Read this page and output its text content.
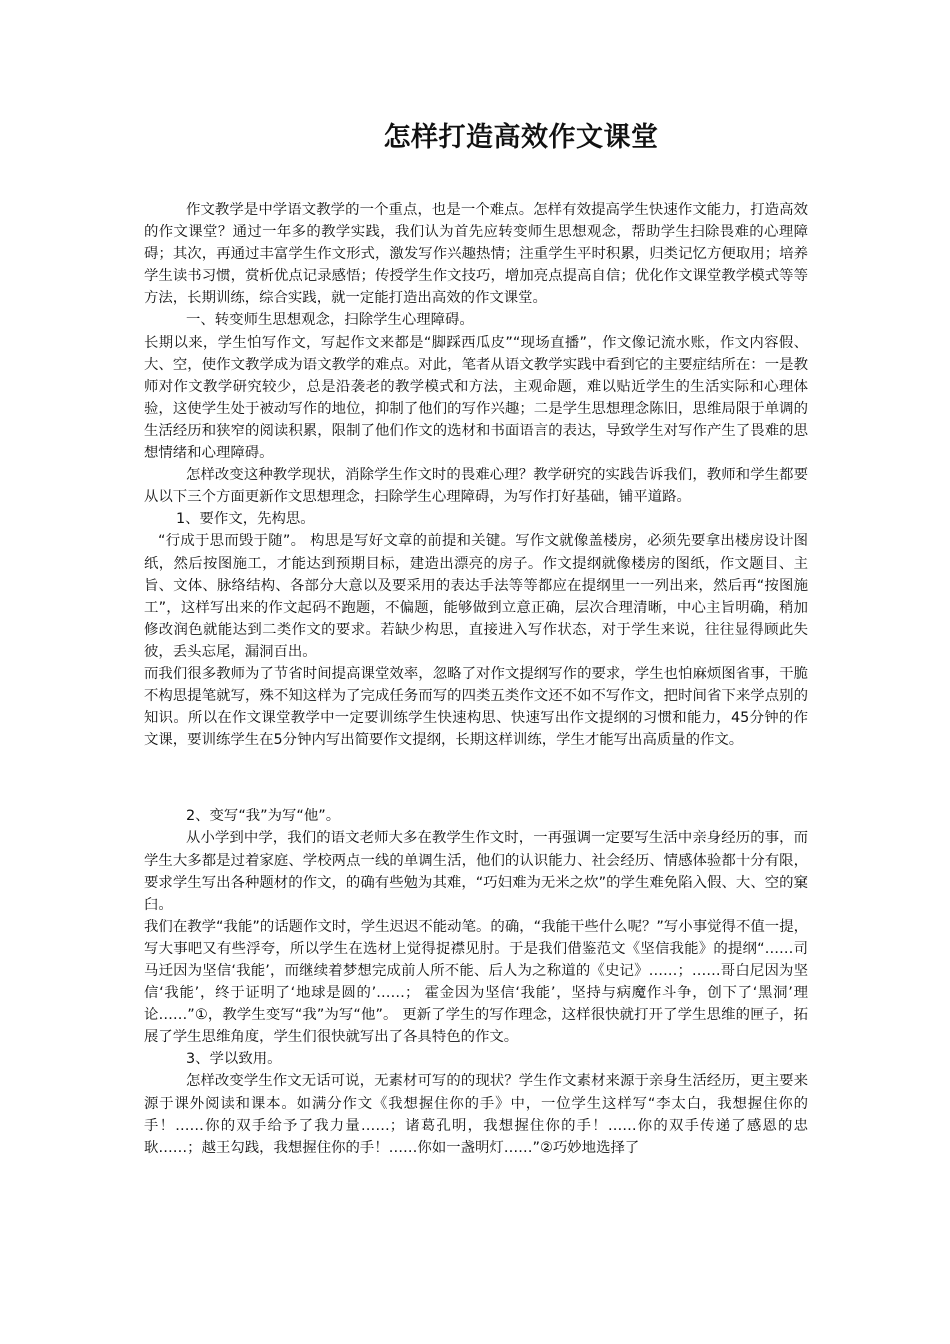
怎样打造高效作文课堂

作文教学是中学语文教学的一个重点，也是一个难点。怎样有效提高学生快速作文能力，打造高效的作文课堂？通过一年多的教学实践，我们认为首先应转变师生思想观念，帮助学生扫除畏难的心理障碍；其次，再通过丰富学生作文形式，激发写作兴趣热情；注重学生平时积累，归类记忆方便取用；培养学生读书习惯，赏析优点记录感悟；传授学生作文技巧，增加亮点提高自信；优化作文课堂教学模式等等方法，长期训练，综合实践，就一定能打造出高效的作文课堂。

一、转变师生思想观念，扫除学生心理障碍。

长期以来，学生怕写作文，写起作文来都是“脚踩西瓜皮”“现场直播”，作文像记流水账，作文内容假、大、空，使作文教学成为语文教学的难点。对此，笔者从语文教学实践中看到它的主要症结所在：一是教师对作文教学研究较少，总是沿袭老的教学模式和方法，主观命题，难以贴近学生的生活实际和心理体验，这使学生处于被动写作的地位，抑制了他们的写作兴趣；二是学生思想理念陈旧，思维局限于单调的生活经历和狭窄的阅读积累，限制了他们作文的选材和书面语言的表达，导致学生对写作产生了畏难的思想情绪和心理障碍。

怎样改变这种教学现状，消除学生作文时的畏难心理？教学研究的实践告诉我们，教师和学生都要从以下三个方面更新作文思想理念，扫除学生心理障碍，为写作打好基础，铺平道路。

1、要作文，先构思。

“行成于思而毁于随”。 构思是写好文章的前提和关键。写作文就像盖楼房，必须先要拿出楼房设计图纸，然后按图施工，才能达到预期目标，建造出漂亮的房子。作文提纲就像楼房的图纸，作文题目、主旨、文体、脉络结构、各部分大意以及要采用的表达手法等等都应在提纲里一一列出来，然后再“按图施工”，这样写出来的作文起码不跑题，不偏题，能够做到立意正确，层次合理清晰，中心主旨明确，稍加修改润色就能达到二类作文的要求。若缺少构思，直接进入写作状态，对于学生来说，往往显得顾此失彼，丢头忘尾，漏洞百出。

而我们很多教师为了节省时间提高课堂效率，忽略了对作文提纲写作的要求，学生也怕麻烦图省事，干脆不构思提笔就写，殊不知这样为了完成任务而写的四类五类作文还不如不写作文，把时间省下来学点别的知识。所以在作文课堂教学中一定要训练学生快速构思、快速写出作文提纲的习惯和能力，45分钟的作文课，要训练学生在5分钟内写出简要作文提纲，长期这样训练，学生才能写出高质量的作文。

2、变写“我”为写“他”。

从小学到中学，我们的语文老师大多在教学生作文时，一再强调一定要写生活中亲身经历的事，而学生大多都是过着家庭、学校两点一线的单调生活，他们的认识能力、社会经历、情感体验都十分有限，要求学生写出各种题材的作文，的确有些勉为其难，“巧妇难为无米之炊”的学生难免陷入假、大、空的窠臼。

我们在教学“我能”的话题作文时，学生迟迟不能动笔。的确，“我能干些什么呢？”写小事觉得不值一提，写大事吧又有些浮夸，所以学生在选材上觉得捉襟见肘。于是我们借鉴范文《坚信我能》的提纲“……司马迁因为坚信‘我能’，而继续着梦想完成前人所不能、后人为之称道的《史记》……；……哥白尼因为坚信‘我能’，终于证明了‘地球是圆的’……； 霍金因为坚信‘我能’，坚持与病魔作斗争，创下了‘黑洞’理论……”①，教学生变写“我”为写“他”。 更新了学生的写作理念，这样很快就打开了学生思维的匣子，拓展了学生思维角度，学生们很快就写出了各具特色的作文。

3、学以致用。

怎样改变学生作文无话可说，无素材可写的的现状？学生作文素材来源于亲身生活经历，更主要来源于课外阅读和课本。如满分作文《我想握住你的手》中，一位学生这样写“李太白，我想握住你的手！……你的双手给予了我力量……；诸葛孔明，我想握住你的手！……你的双手传递了感恩的忠耿……；越王勾践，我想握住你的手！……你如一盏明灯……”②巧妙地选择了
